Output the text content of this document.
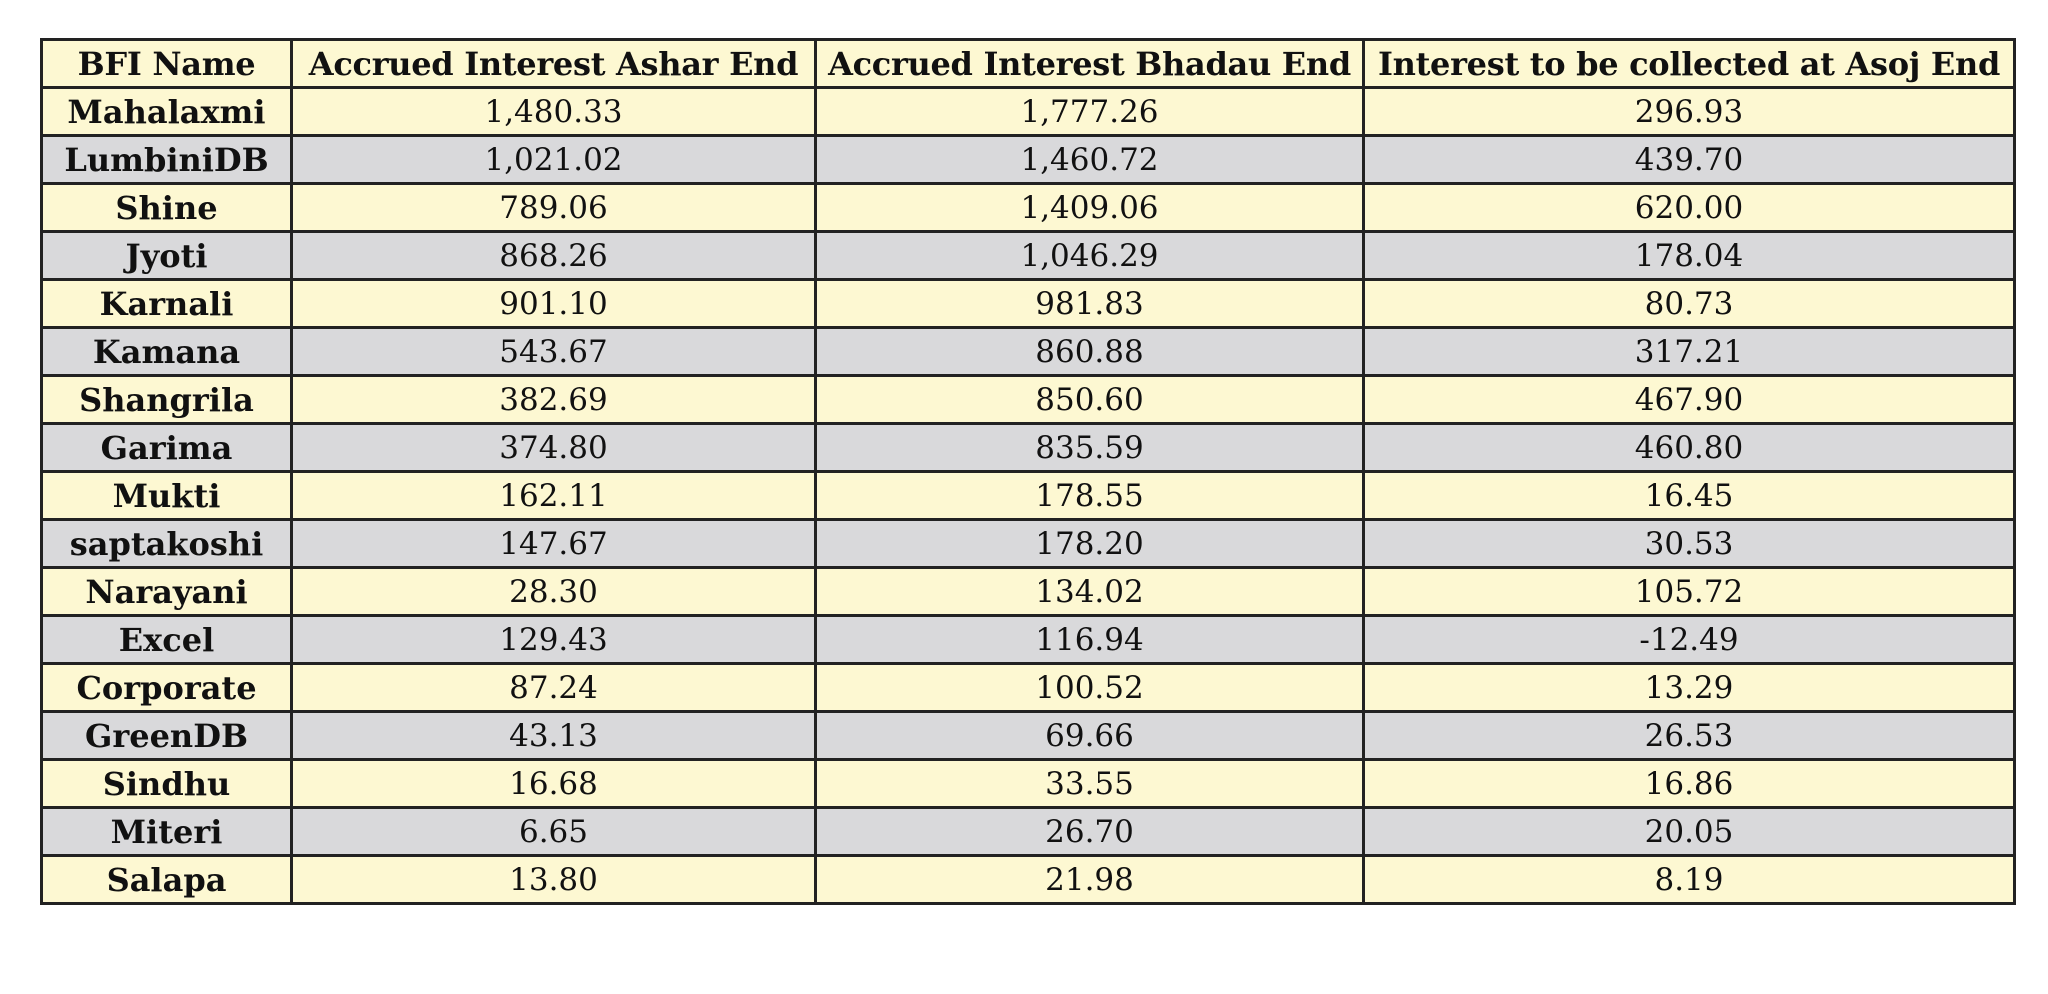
BFI Name	Accrued Interest Ashar End	Accrued Interest Bhadau End	Interest to be collected at Asoj End
Mahalaxmi	1,480.33	1,777.26	296.93
LumbiniDB	1,021.02	1,460.72	439.70
Shine	789.06	1,409.06	620.00
Jyoti	868.26	1,046.29	178.04
Karnali	901.10	981.83	80.73
Kamana	543.67	860.88	317.21
Shangrila	382.69	850.60	467.90
Garima	374.80	835.59	460.80
Mukti	162.11	178.55	16.45
saptakoshi	147.67	178.20	30.53
Narayani	28.30	134.02	105.72
Excel	129.43	116.94	-12.49
Corporate	87.24	100.52	13.29
GreenDB	43.13	69.66	26.53
Sindhu	16.68	33.55	16.86
Miteri	6.65	26.70	20.05
Salapa	13.80	21.98	8.19
